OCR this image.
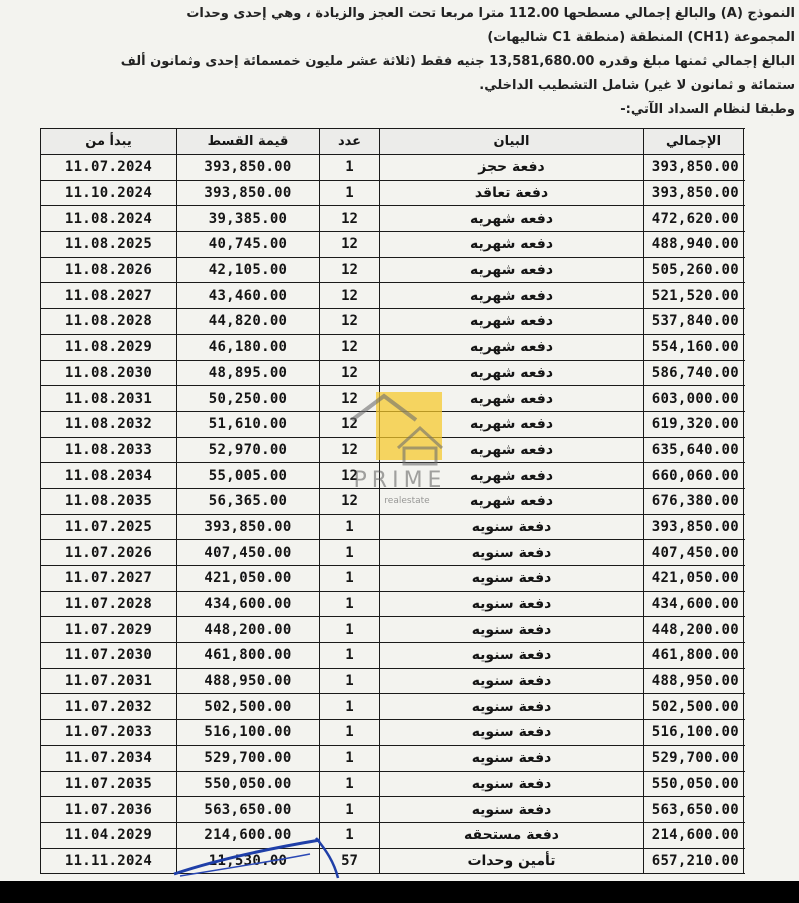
النموذج (A) والبالغ إجمالي مسطحها 112.00 مترا مربعا تحت العجز والزيادة ، وهي إحدى وحدات
المجموعة (CH1) المنطقة (منطقة C1 شاليهات)
البالغ إجمالي ثمنها مبلغ وقدره 13,581,680.00 جنيه فقط (ثلاثة عشر مليون خمسمائة إحدى وثمانون ألف
ستمائة و ثمانون لا غير) شامل التشطيب الداخلي.
وطبقا لنظام السداد الآتي:-
يبدأ من	قيمة القسط	عدد	البيان	الإجمالي
11.07.2024	393,850.00	1	دفعة حجز	393,850.00
11.10.2024	393,850.00	1	دفعة تعاقد	393,850.00
11.08.2024	39,385.00	12	دفعه شهريه	472,620.00
11.08.2025	40,745.00	12	دفعه شهريه	488,940.00
11.08.2026	42,105.00	12	دفعه شهريه	505,260.00
11.08.2027	43,460.00	12	دفعه شهريه	521,520.00
11.08.2028	44,820.00	12	دفعه شهريه	537,840.00
11.08.2029	46,180.00	12	دفعه شهريه	554,160.00
11.08.2030	48,895.00	12	دفعه شهريه	586,740.00
11.08.2031	50,250.00	12	دفعه شهريه	603,000.00
11.08.2032	51,610.00	12	دفعه شهريه	619,320.00
11.08.2033	52,970.00	12	دفعه شهريه	635,640.00
11.08.2034	55,005.00	12	دفعه شهريه	660,060.00
11.08.2035	56,365.00	12	دفعه شهريه	676,380.00
11.07.2025	393,850.00	1	دفعة سنويه	393,850.00
11.07.2026	407,450.00	1	دفعة سنويه	407,450.00
11.07.2027	421,050.00	1	دفعة سنويه	421,050.00
11.07.2028	434,600.00	1	دفعة سنويه	434,600.00
11.07.2029	448,200.00	1	دفعة سنويه	448,200.00
11.07.2030	461,800.00	1	دفعة سنويه	461,800.00
11.07.2031	488,950.00	1	دفعة سنويه	488,950.00
11.07.2032	502,500.00	1	دفعة سنويه	502,500.00
11.07.2033	516,100.00	1	دفعة سنويه	516,100.00
11.07.2034	529,700.00	1	دفعة سنويه	529,700.00
11.07.2035	550,050.00	1	دفعة سنويه	550,050.00
11.07.2036	563,650.00	1	دفعة سنويه	563,650.00
11.04.2029	214,600.00	1	دفعة مستحقه	214,600.00
11.11.2024	11,530.00	57	تأمين وحدات	657,210.00
PRIME
realestate
